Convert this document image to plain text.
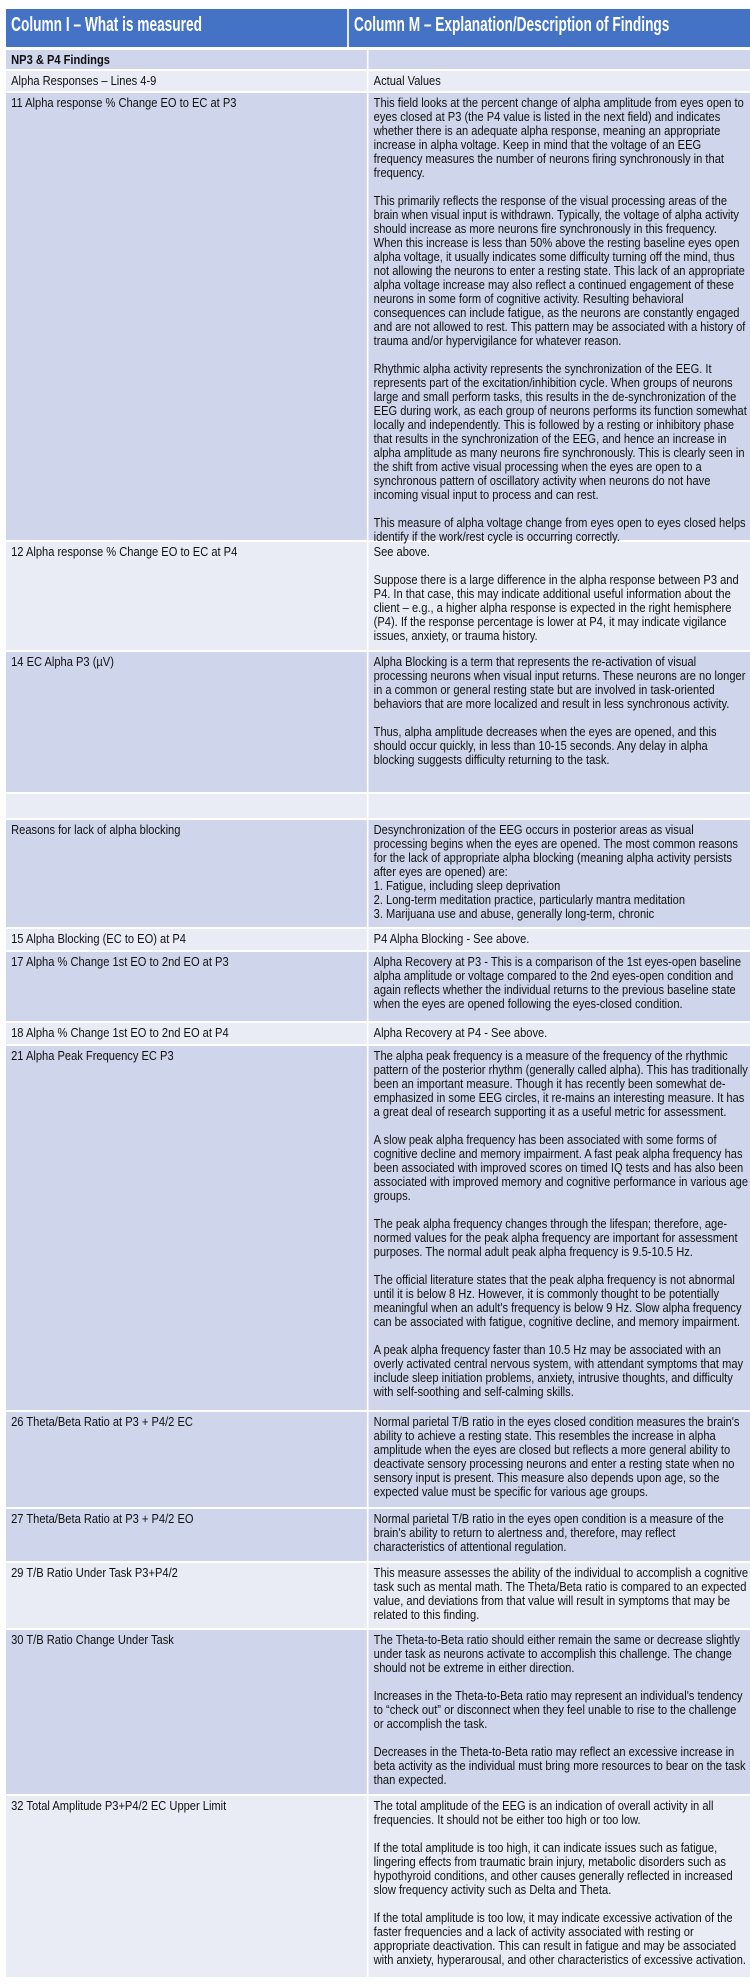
Column I – What is measured	Column M – Explanation/Description of Findings
NP3 & P4 Findings
Alpha Responses – Lines 4-9	Actual Values

11 Alpha response % Change EO to EC at P3	This field looks at the percent change of alpha amplitude from eyes open to eyes closed at P3 (the P4 value is listed in the next field) and indicates whether there is an adequate alpha response, meaning an appropriate increase in alpha voltage. Keep in mind that the voltage of an EEG frequency measures the number of neurons firing synchronously in that frequency.

This primarily reflects the response of the visual processing areas of the brain when visual input is withdrawn. Typically, the voltage of alpha activity should increase as more neurons fire synchronously in this frequency. When this increase is less than 50% above the resting baseline eyes open alpha voltage, it usually indicates some difficulty turning off the mind, thus not allowing the neurons to enter a resting state. This lack of an appropriate alpha voltage increase may also reflect a continued engagement of these neurons in some form of cognitive activity. Resulting behavioral consequences can include fatigue, as the neurons are constantly engaged and are not allowed to rest. This pattern may be associated with a history of trauma and/or hypervigilance for whatever reason.

Rhythmic alpha activity represents the synchronization of the EEG. It represents part of the excitation/inhibition cycle. When groups of neurons large and small perform tasks, this results in the de-synchronization of the EEG during work, as each group of neurons performs its function somewhat locally and independently. This is followed by a resting or inhibitory phase that results in the synchronization of the EEG, and hence an increase in alpha amplitude as many neurons fire synchronously. This is clearly seen in the shift from active visual processing when the eyes are open to a synchronous pattern of oscillatory activity when neurons do not have incoming visual input to process and can rest.

This measure of alpha voltage change from eyes open to eyes closed helps identify if the work/rest cycle is occurring correctly.

12 Alpha response % Change EO to EC at P4	See above.

Suppose there is a large difference in the alpha response between P3 and P4. In that case, this may indicate additional useful information about the client – e.g., a higher alpha response is expected in the right hemisphere (P4). If the response percentage is lower at P4, it may indicate vigilance issues, anxiety, or trauma history.

14 EC Alpha P3 (µV)	Alpha Blocking is a term that represents the re-activation of visual processing neurons when visual input returns. These neurons are no longer in a common or general resting state but are involved in task-oriented behaviors that are more localized and result in less synchronous activity.

Thus, alpha amplitude decreases when the eyes are opened, and this should occur quickly, in less than 10-15 seconds. Any delay in alpha blocking suggests difficulty returning to the task.

Reasons for lack of alpha blocking	Desynchronization of the EEG occurs in posterior areas as visual processing begins when the eyes are opened. The most common reasons for the lack of appropriate alpha blocking (meaning alpha activity persists after eyes are opened) are:
1. Fatigue, including sleep deprivation
2. Long-term meditation practice, particularly mantra meditation
3. Marijuana use and abuse, generally long-term, chronic

15 Alpha Blocking (EC to EO) at P4	P4 Alpha Blocking - See above.

17 Alpha % Change 1st EO to 2nd EO at P3	Alpha Recovery at P3 - This is a comparison of the 1st eyes-open baseline alpha amplitude or voltage compared to the 2nd eyes-open condition and again reflects whether the individual returns to the previous baseline state when the eyes are opened following the eyes-closed condition.

18 Alpha % Change 1st EO to 2nd EO at P4	Alpha Recovery at P4 - See above.

21 Alpha Peak Frequency EC P3	The alpha peak frequency is a measure of the frequency of the rhythmic pattern of the posterior rhythm (generally called alpha). This has traditionally been an important measure. Though it has recently been somewhat de-emphasized in some EEG circles, it re-mains an interesting measure. It has a great deal of research supporting it as a useful metric for assessment.

A slow peak alpha frequency has been associated with some forms of cognitive decline and memory impairment. A fast peak alpha frequency has been associated with improved scores on timed IQ tests and has also been associated with improved memory and cognitive performance in various age groups.

The peak alpha frequency changes through the lifespan; therefore, age-normed values for the peak alpha frequency are important for assessment purposes. The normal adult peak alpha frequency is 9.5-10.5 Hz.

The official literature states that the peak alpha frequency is not abnormal until it is below 8 Hz. However, it is commonly thought to be potentially meaningful when an adult's frequency is below 9 Hz. Slow alpha frequency can be associated with fatigue, cognitive decline, and memory impairment.

A peak alpha frequency faster than 10.5 Hz may be associated with an overly activated central nervous system, with attendant symptoms that may include sleep initiation problems, anxiety, intrusive thoughts, and difficulty with self-soothing and self-calming skills.

26 Theta/Beta Ratio at P3 + P4/2 EC	Normal parietal T/B ratio in the eyes closed condition measures the brain's ability to achieve a resting state. This resembles the increase in alpha amplitude when the eyes are closed but reflects a more general ability to deactivate sensory processing neurons and enter a resting state when no sensory input is present. This measure also depends upon age, so the expected value must be specific for various age groups.

27 Theta/Beta Ratio at P3 + P4/2 EO	Normal parietal T/B ratio in the eyes open condition is a measure of the brain's ability to return to alertness and, therefore, may reflect characteristics of attentional regulation.

29 T/B Ratio Under Task P3+P4/2	This measure assesses the ability of the individual to accomplish a cognitive task such as mental math. The Theta/Beta ratio is compared to an expected value, and deviations from that value will result in symptoms that may be related to this finding.

30 T/B Ratio Change Under Task	The Theta-to-Beta ratio should either remain the same or decrease slightly under task as neurons activate to accomplish this challenge. The change should not be extreme in either direction.

Increases in the Theta-to-Beta ratio may represent an individual's tendency to “check out” or disconnect when they feel unable to rise to the challenge or accomplish the task.

Decreases in the Theta-to-Beta ratio may reflect an excessive increase in beta activity as the individual must bring more resources to bear on the task than expected.

32 Total Amplitude P3+P4/2 EC Upper Limit	The total amplitude of the EEG is an indication of overall activity in all frequencies. It should not be either too high or too low.

If the total amplitude is too high, it can indicate issues such as fatigue, lingering effects from traumatic brain injury, metabolic disorders such as hypothyroid conditions, and other causes generally reflected in increased slow frequency activity such as Delta and Theta.

If the total amplitude is too low, it may indicate excessive activation of the faster frequencies and a lack of activity associated with resting or appropriate deactivation. This can result in fatigue and may be associated with anxiety, hyperarousal, and other characteristics of excessive activation.
